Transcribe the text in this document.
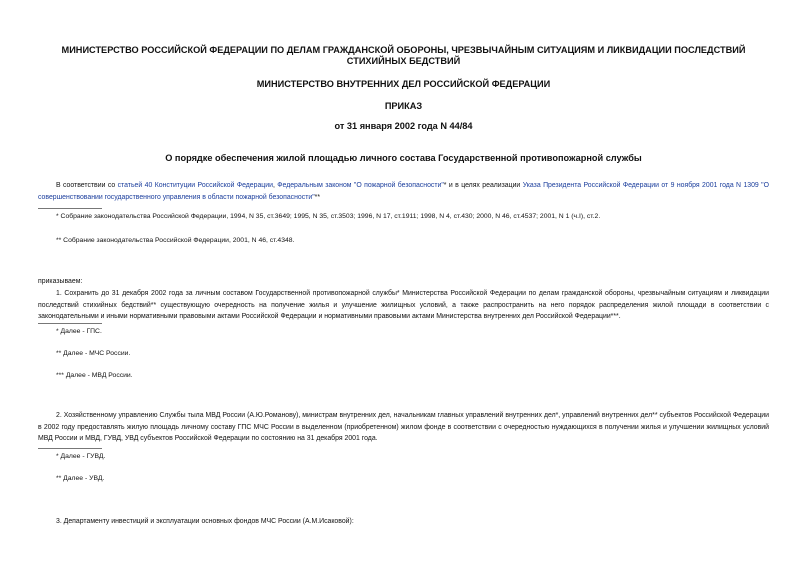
МИНИСТЕРСТВО РОССИЙСКОЙ ФЕДЕРАЦИИ ПО ДЕЛАМ ГРАЖДАНСКОЙ ОБОРОНЫ, ЧРЕЗВЫЧАЙНЫМ СИТУАЦИЯМ И ЛИКВИДАЦИИ ПОСЛЕДСТВИЙ СТИХИЙНЫХ БЕДСТВИЙ
МИНИСТЕРСТВО ВНУТРЕННИХ ДЕЛ РОССИЙСКОЙ ФЕДЕРАЦИИ
ПРИКАЗ
от 31 января 2002 года N 44/84
О порядке обеспечения жилой площадью личного состава Государственной противопожарной службы
В соответствии со статьей 40 Конституции Российской Федерации, Федеральным законом "О пожарной безопасности"* и в целях реализации Указа Президента Российской Федерации от 9 ноября 2001 года N 1309 "О совершенствовании государственного управления в области пожарной безопасности"**
* Собрание законодательства Российской Федерации, 1994, N 35, ст.3649; 1995, N 35, ст.3503; 1996, N 17, ст.1911; 1998, N 4, ст.430; 2000, N 46, ст.4537; 2001, N 1 (ч.I), ст.2.
** Собрание законодательства Российской Федерации, 2001, N 46, ст.4348.
приказываем:
1. Сохранить до 31 декабря 2002 года за личным составом Государственной противопожарной службы* Министерства Российской Федерации по делам гражданской обороны, чрезвычайным ситуациям и ликвидации последствий стихийных бедствий** существующую очередность на получение жилья и улучшение жилищных условий, а также распространить на него порядок распределения жилой площади в соответствии с законодательными и иными нормативными правовыми актами Российской Федерации и нормативными правовыми актами Министерства внутренних дел Российской Федерации***.
* Далее - ГПС.
** Далее - МЧС России.
*** Далее - МВД России.
2. Хозяйственному управлению Службы тыла МВД России (А.Ю.Романову), министрам внутренних дел, начальникам главных управлений внутренних дел*, управлений внутренних дел** субъектов Российской Федерации в 2002 году предоставлять жилую площадь личному составу ГПС МЧС России в выделенном (приобретенном) жилом фонде в соответствии с очередностью нуждающихся в получении жилья и улучшении жилищных условий МВД России и МВД, ГУВД, УВД субъектов Российской Федерации по состоянию на 31 декабря 2001 года.
* Далее - ГУВД.
** Далее - УВД.
3. Департаменту инвестиций и эксплуатации основных фондов МЧС России (А.М.Исаковой):
